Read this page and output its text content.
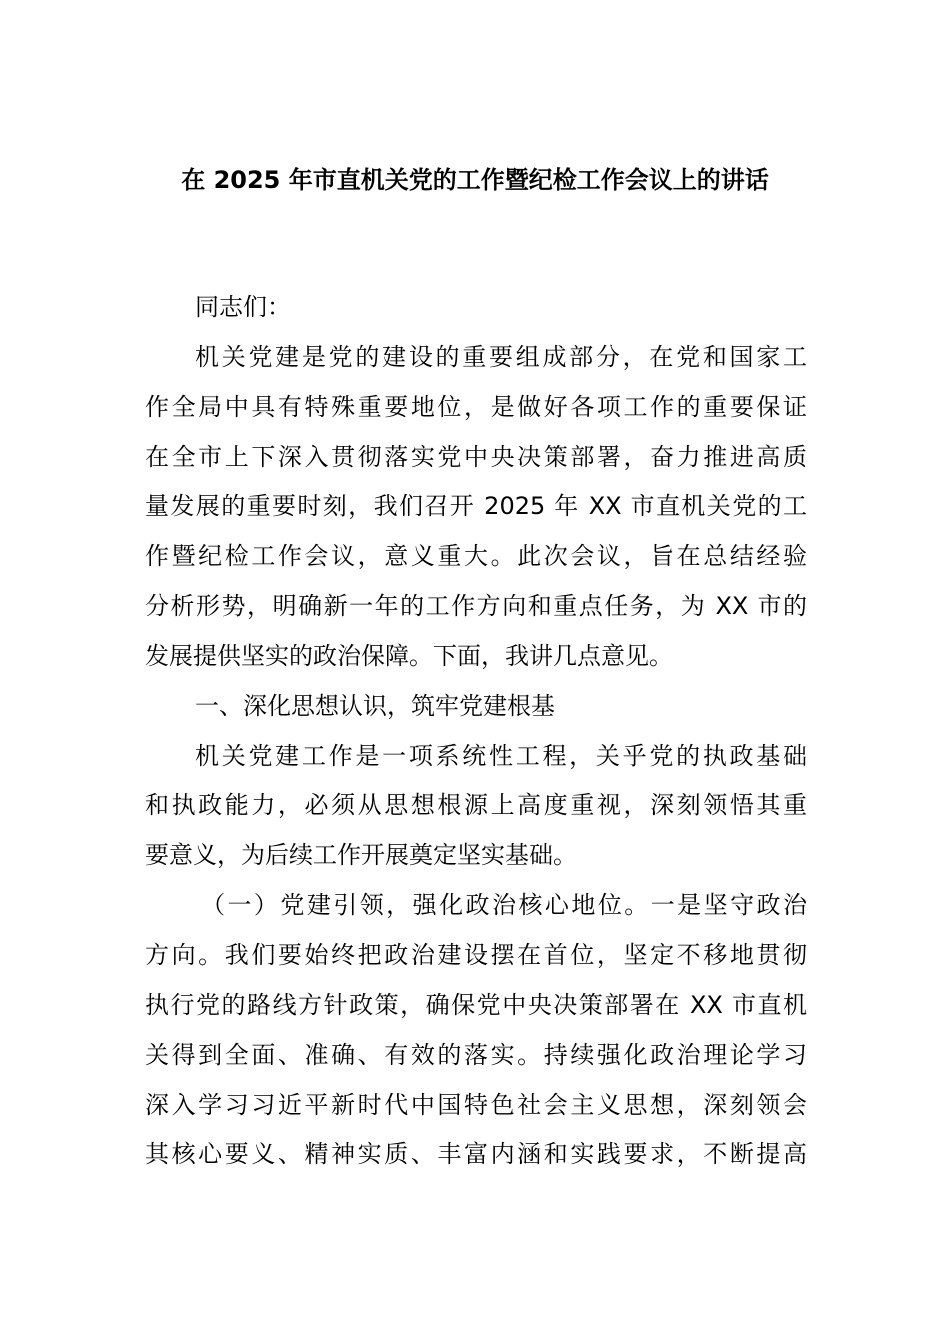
在 2025 年市直机关党的工作暨纪检工作会议上的讲话
同志们：
机关党建是党的建设的重要组成部分，在党和国家工
作全局中具有特殊重要地位，是做好各项工作的重要保证
在全市上下深入贯彻落实党中央决策部署，奋力推进高质
量发展的重要时刻，我们召开 2025 年 XX 市直机关党的工
作暨纪检工作会议，意义重大。此次会议，旨在总结经验
分析形势，明确新一年的工作方向和重点任务，为 XX 市的
发展提供坚实的政治保障。下面，我讲几点意见。
一、深化思想认识，筑牢党建根基
机关党建工作是一项系统性工程，关乎党的执政基础
和执政能力，必须从思想根源上高度重视，深刻领悟其重
要意义，为后续工作开展奠定坚实基础。
（一）党建引领，强化政治核心地位。一是坚守政治
方向。我们要始终把政治建设摆在首位，坚定不移地贯彻
执行党的路线方针政策，确保党中央决策部署在 XX 市直机
关得到全面、准确、有效的落实。持续强化政治理论学习
深入学习习近平新时代中国特色社会主义思想，深刻领会
其核心要义、精神实质、丰富内涵和实践要求，不断提高
